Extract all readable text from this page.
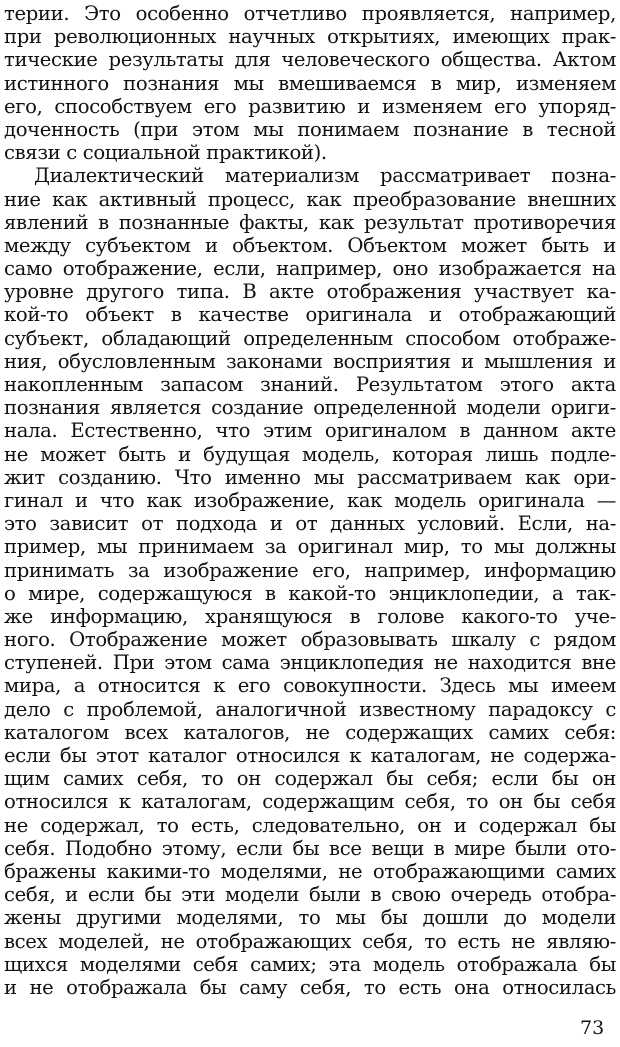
терии. Это особенно отчетливо проявляется, например,
при революционных научных открытиях, имеющих прак-
тические результаты для человеческого общества. Актом
истинного познания мы вмешиваемся в мир, изменяем
его, способствуем его развитию и изменяем его упоряд-
доченность (при этом мы понимаем познание в тесной
связи с социальной практикой).
Диалектический материализм рассматривает позна-
ние как активный процесс, как преобразование внешних
явлений в познанные факты, как результат противоречия
между субъектом и объектом. Объектом может быть и
само отображение, если, например, оно изображается на
уровне другого типа. В акте отображения участвует ка-
кой-то объект в качестве оригинала и отображающий
субъект, обладающий определенным способом отображе-
ния, обусловленным законами восприятия и мышления и
накопленным запасом знаний. Результатом этого акта
познания является создание определенной модели ориги-
нала. Естественно, что этим оригиналом в данном акте
не может быть и будущая модель, которая лишь подле-
жит созданию. Что именно мы рассматриваем как ори-
гинал и что как изображение, как модель оригинала —
это зависит от подхода и от данных условий. Если, на-
пример, мы принимаем за оригинал мир, то мы должны
принимать за изображение его, например, информацию
о мире, содержащуюся в какой-то энциклопедии, а так-
же информацию, хранящуюся в голове какого-то уче-
ного. Отображение может образовывать шкалу с рядом
ступеней. При этом сама энциклопедия не находится вне
мира, а относится к его совокупности. Здесь мы имеем
дело с проблемой, аналогичной известному парадоксу с
каталогом всех каталогов, не содержащих самих себя:
если бы этот каталог относился к каталогам, не содержа-
щим самих себя, то он содержал бы себя; если бы он
относился к каталогам, содержащим себя, то он бы себя
не содержал, то есть, следовательно, он и содержал бы
себя. Подобно этому, если бы все вещи в мире были ото-
бражены какими-то моделями, не отображающими самих
себя, и если бы эти модели были в свою очередь отобра-
жены другими моделями, то мы бы дошли до модели
всех моделей, не отображающих себя, то есть не являю-
щихся моделями себя самих; эта модель отображала бы
и не отображала бы саму себя, то есть она относилась
73
